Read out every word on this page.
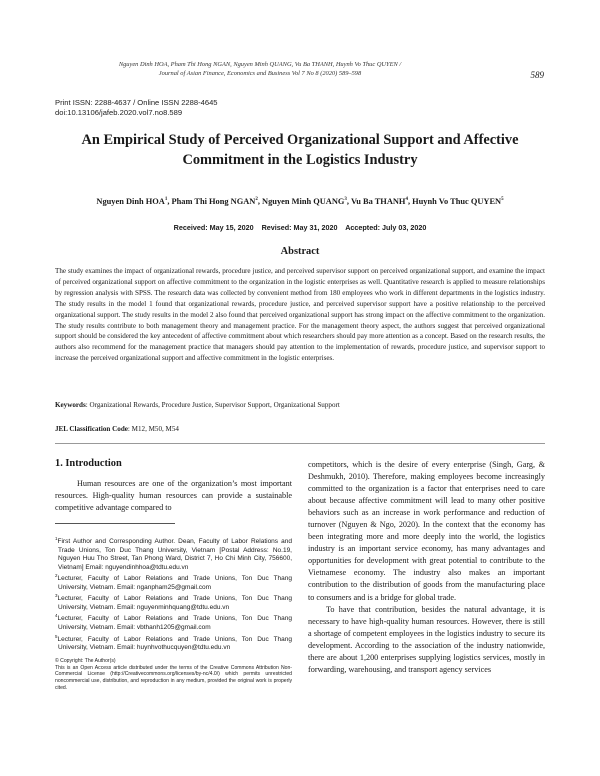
Nguyen Dinh HOA, Pham Thi Hong NGAN, Nguyen Minh QUANG, Vu Ba THANH, Huynh Vo Thuc QUYEN /
Journal of Asian Finance, Economics and Business Vol 7 No 8 (2020) 589–598	589
Print ISSN: 2288-4637 / Online ISSN 2288-4645
doi:10.13106/jafeb.2020.vol7.no8.589
An Empirical Study of Perceived Organizational Support and Affective
Commitment in the Logistics Industry
Nguyen Dinh HOA$^1$, Pham Thi Hong NGAN$^2$, Nguyen Minh QUANG$^3$, Vu Ba THANH$^4$, Huynh Vo Thuc QUYEN$^5$
Received: May 15, 2020 Revised: May 31, 2020 Accepted: July 03, 2020
Abstract
The study examines the impact of organizational rewards, procedure justice, and perceived supervisor support on perceived organizational support, and examine the impact of perceived organizational support on affective commitment to the organization in the logistic enterprises as well. Quantitative research is applied to measure relationships by regression analysis with SPSS. The research data was collected by convenient method from 180 employees who work in different departments in the logistics industry. The study results in the model 1 found that organizational rewards, procedure justice, and perceived supervisor support have a positive relationship to the perceived organizational support. The study results in the model 2 also found that perceived organizational support has strong impact on the affective commitment to the organization. The study results contribute to both management theory and management practice. For the management theory aspect, the authors suggest that perceived organizational support should be considered the key antecedent of affective commitment about which researchers should pay more attention as a concept. Based on the research results, the authors also recommend for the management practice that managers should pay attention to the implementation of rewards, procedure justice, and supervisor support to increase the perceived organizational support and affective commitment in the logistic enterprises.
Keywords: Organizational Rewards, Procedure Justice, Supervisor Support, Organizational Support
JEL Classification Code: M12, M50, M54
1. Introduction
Human resources are one of the organization’s most important resources. High-quality human resources can provide a sustainable competitive advantage compared to
$^1$First Author and Corresponding Author. Dean, Faculty of Labor Relations and Trade Unions, Ton Duc Thang University, Vietnam [Postal Address: No.19, Nguyen Huu Tho Street, Tan Phong Ward, District 7, Ho Chi Minh City, 756600, Vietnam] Email: nguyendinhhoa@tdtu.edu.vn
$^2$Lecturer, Faculty of Labor Relations and Trade Unions, Ton Duc Thang University, Vietnam. Email: nganpham25@gmail.com
$^3$Lecturer, Faculty of Labor Relations and Trade Unions, Ton Duc Thang University, Vietnam. Email: nguyenminhquang@tdtu.edu.vn
$^4$Lecturer, Faculty of Labor Relations and Trade Unions, Ton Duc Thang University, Vietnam. Email: vbthanh1205@gmail.com
$^5$Lecturer, Faculty of Labor Relations and Trade Unions, Ton Duc Thang University, Vietnam. Email: huynhvothucquyen@tdtu.edu.vn
© Copyright: The Author(s)
This is an Open Access article distributed under the terms of the Creative Commons Attribution Non-Commercial License (http://Creativecommons.org/licenses/by-nc/4.0/) which permits unrestricted noncommercial use, distribution, and reproduction in any medium, provided the original work is properly cited.

competitors, which is the desire of every enterprise (Singh, Garg, & Deshmukh, 2010). Therefore, making employees become increasingly committed to the organization is a factor that enterprises need to care about because affective commitment will lead to many other positive behaviors such as an increase in work performance and reduction of turnover (Nguyen & Ngo, 2020). In the context that the economy has been integrating more and more deeply into the world, the logistics industry is an important service economy, has many advantages and opportunities for development with great potential to contribute to the Vietnamese economy. The industry also makes an important contribution to the distribution of goods from the manufacturing place to consumers and is a bridge for global trade.

To have that contribution, besides the natural advantage, it is necessary to have high-quality human resources. However, there is still a shortage of competent employees in the logistics industry to secure its development. According to the association of the industry nationwide, there are about 1,200 enterprises supplying logistics services, mostly in forwarding, warehousing, and transport agency services
